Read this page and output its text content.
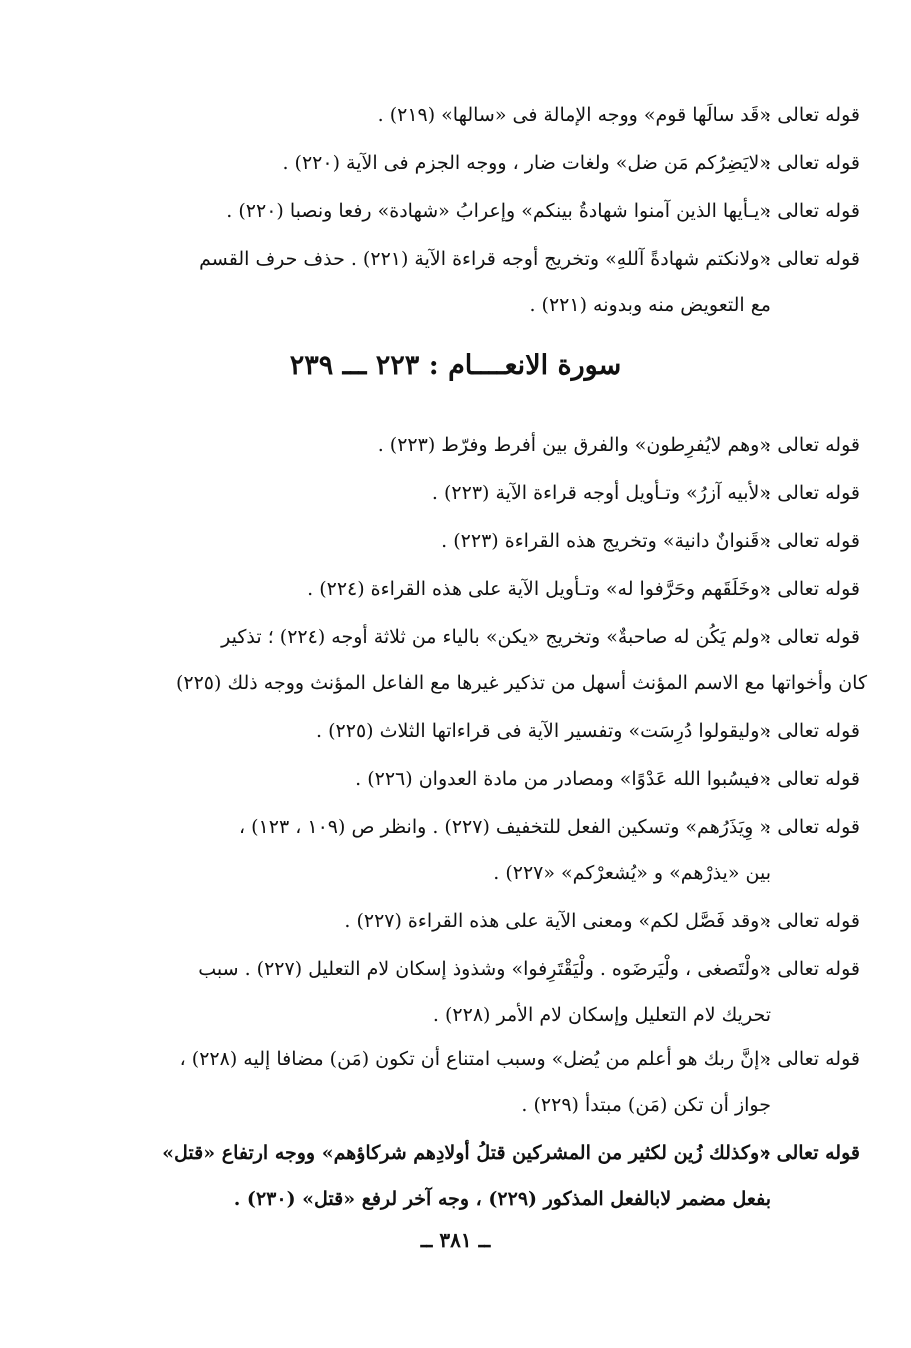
قوله تعالى :
«قَد سالَها قوم» ووجه الإمالة فى «سالها» (٢١٩) .
قوله تعالى :
«لايَضِرُكم مَن ضل» ولغات ضار ، ووجه الجزم فى الآية (٢٢٠) .
قوله تعالى :
«يـأيها الذين آمنوا شهادةُ بينكم» وإعرابُ «شهادة» رفعا ونصبا (٢٢٠) .
قوله تعالى :
«ولانكتم شهادةً آللهِ» وتخريج أوجه قراءة الآية (٢٢١) . حذف حرف القسم
مع التعويض منه وبدونه (٢٢١) .
سورة الانعــــام : ٢٢٣ ـــ ٢٣٩
قوله تعالى :
«وهم لايُفرِطون» والفرق بين أفرط وفرّط (٢٢٣) .
قوله تعالى :
«لأبيه آزرُ» وتـأويل أوجه قراءة الآية (٢٢٣) .
قوله تعالى :
«قَنوانٌ دانية» وتخريج هذه القراءة (٢٢٣) .
قوله تعالى :
«وخَلَقَهم وحَرَّفوا له» وتـأويل الآية على هذه القراءة (٢٢٤) .
قوله تعالى :
«ولم يَكُن له صاحبةٌ» وتخريج «يكن» بالياء من ثلاثة أوجه (٢٢٤) ؛ تذكير
كان وأخواتها مع الاسم المؤنث أسهل من تذكير غيرها مع الفاعل المؤنث ووجه ذلك (٢٢٥)
قوله تعالى :
«وليقولوا دُرِسَت» وتفسير الآية فى قراءاتها الثلاث (٢٢٥) .
قوله تعالى :
«فيسُبوا الله عَدْوًا» ومصادر من مادة العدوان (٢٢٦) .
قوله تعالى :
« وِيَذَرُهم» وتسكين الفعل للتخفيف (٢٢٧) . وانظر ص (١٠٩ ، ١٢٣) ،
بين «يذرْهم» و «يُشعرْكم» «٢٢٧) .
قوله تعالى :
«وقد فَصَّل لكم» ومعنى الآية على هذه القراءة (٢٢٧) .
قوله تعالى :
«ولْتَصغى ، ولْيَرضَوه . ولْيَقْتَرِفوا» وشذوذ إسكان لام التعليل (٢٢٧) . سبب
تحريك لام التعليل وإسكان لام الأمر (٢٢٨) .
قوله تعالى :
«إنَّ ربك هو أعلم من يُضل» وسبب امتناع أن تكون (مَن) مضافا إليه (٢٢٨) ،
جواز أن تكن (مَن) مبتدأ (٢٢٩) .
قوله تعالى :
«وكذلك زُين لكثير من المشركين قتلُ أولادِهم شركاؤهم» ووجه ارتفاع «قتل»
بفعل مضمر لابالفعل المذكور (٢٢٩) ، وجه آخر لرفع «قتل» (٢٣٠) .
ــ ٣٨١ ــ
